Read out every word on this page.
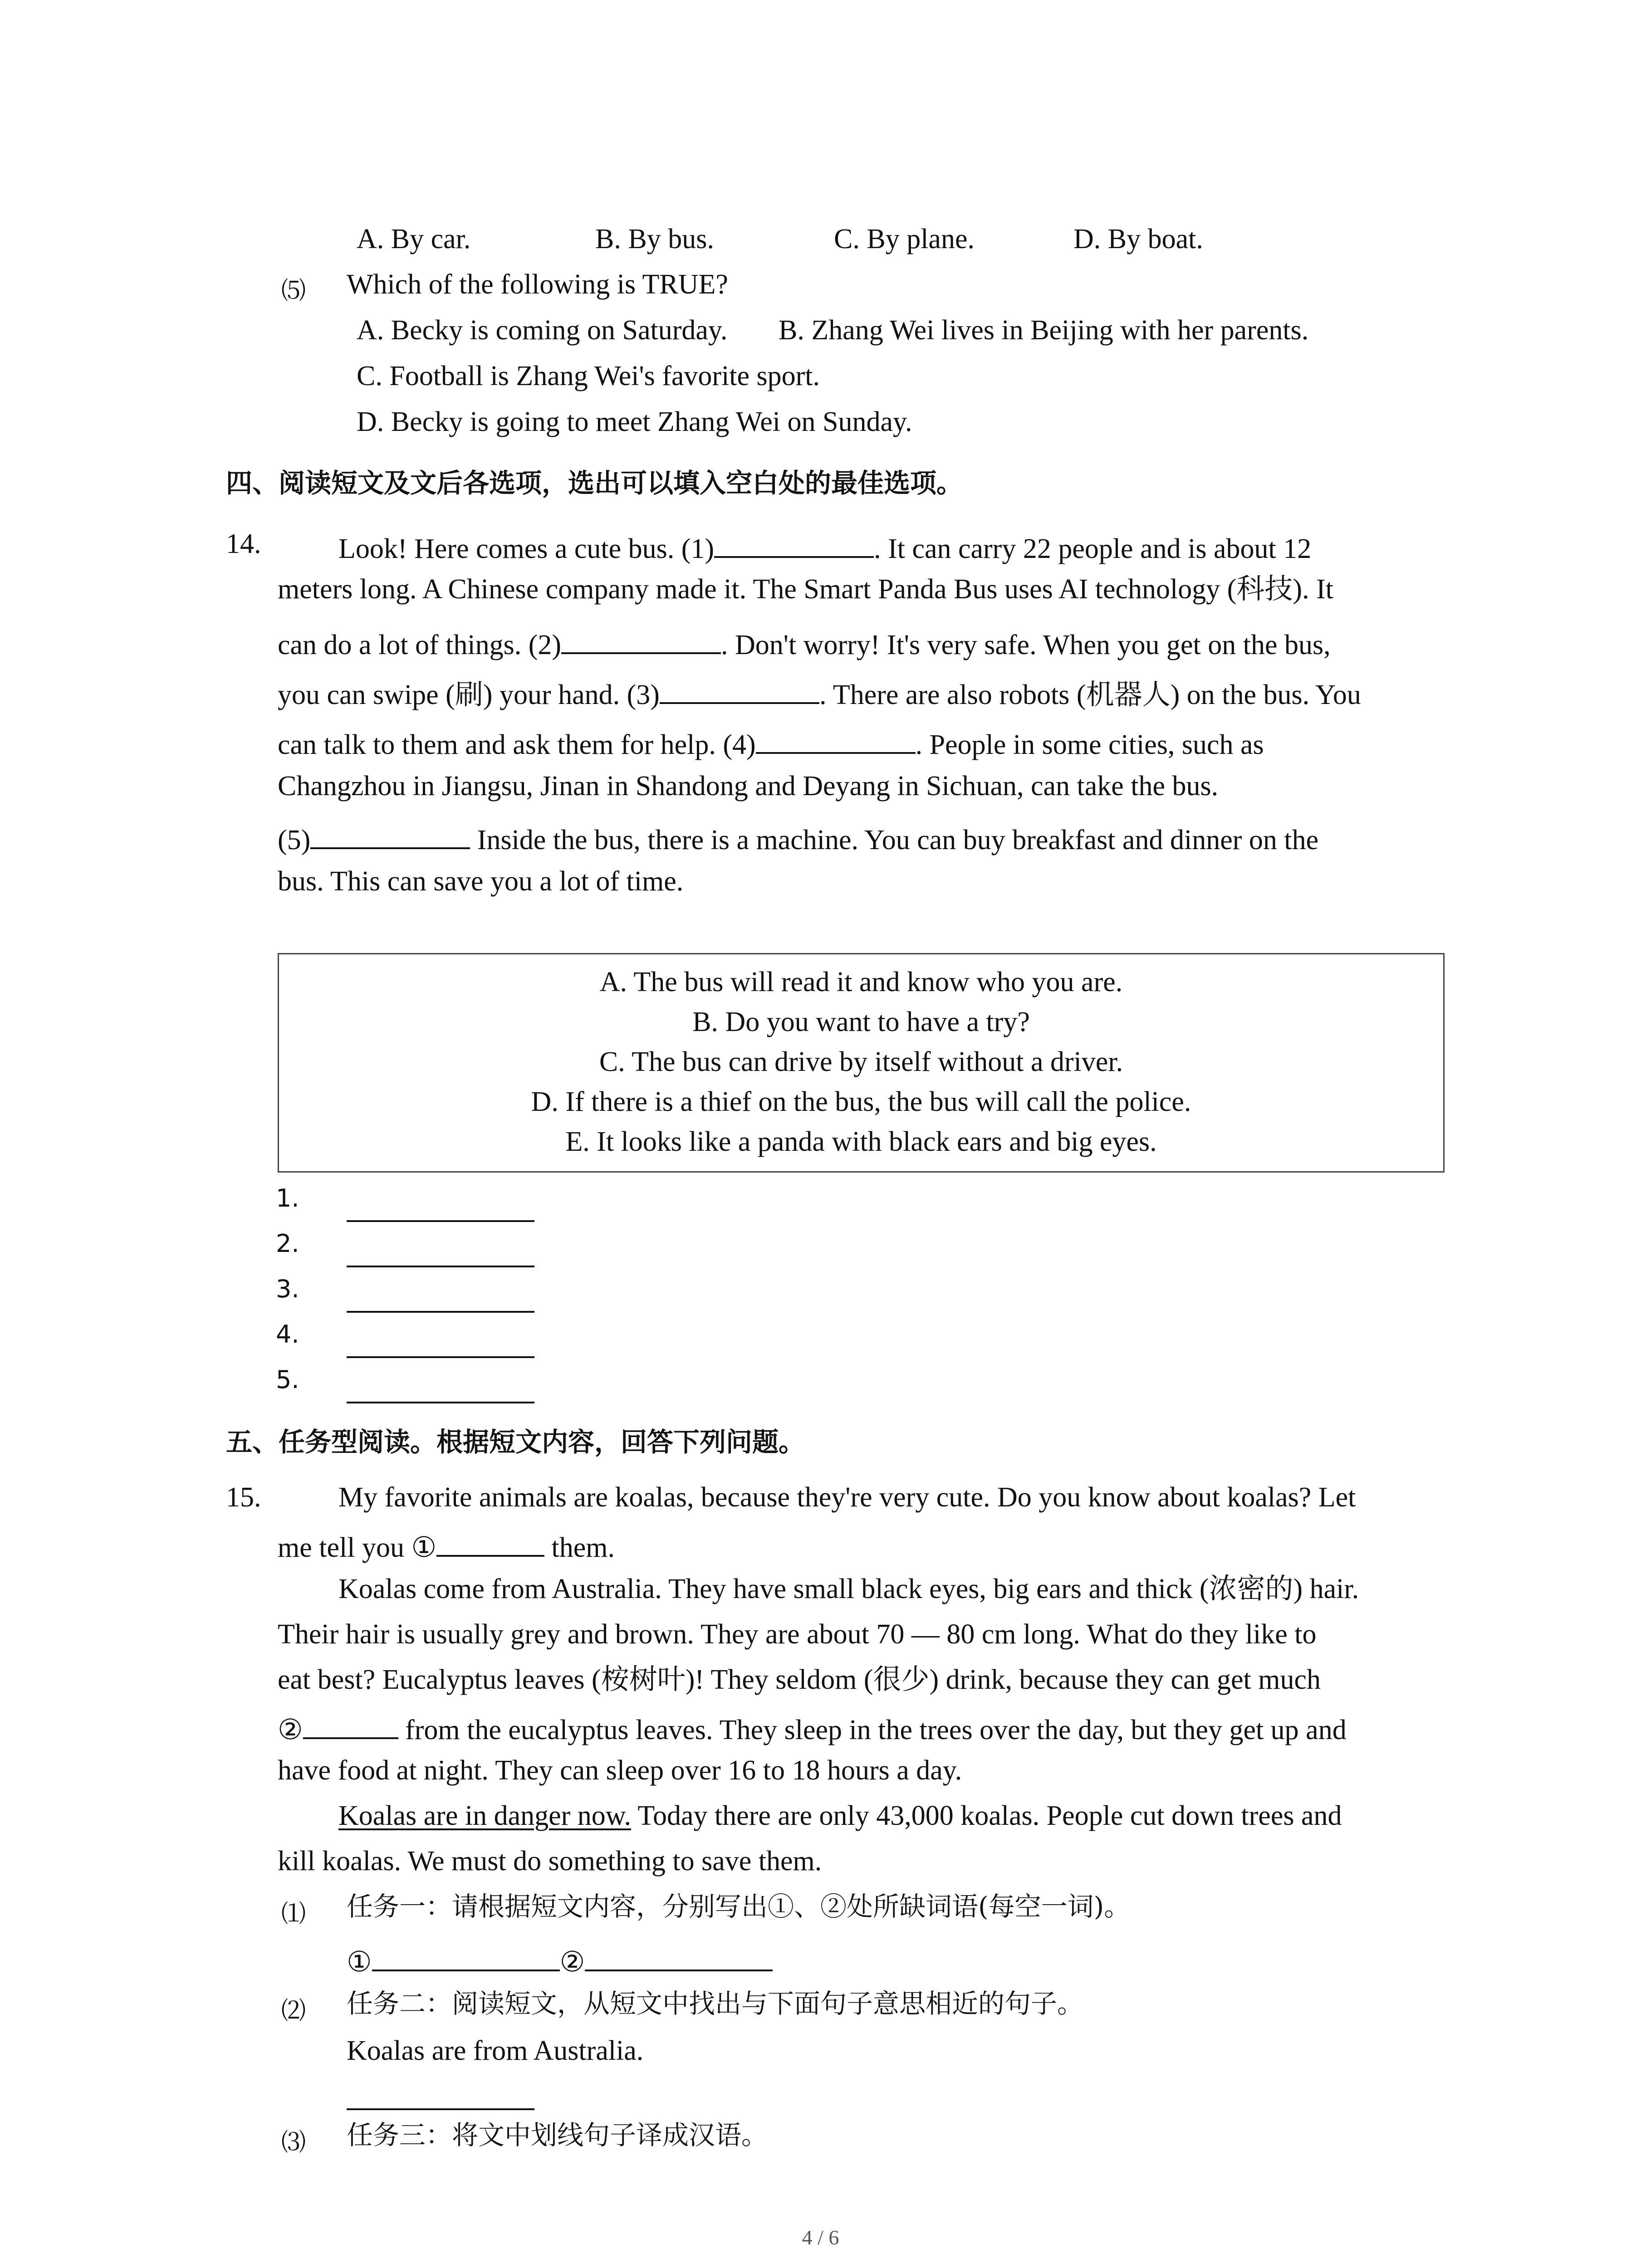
A. By car.	B. By bus.	C. By plane.	D. By boat.
⑸ Which of the following is TRUE?
A. Becky is coming on Saturday. B. Zhang Wei lives in Beijing with her parents.
C. Football is Zhang Wei's favorite sport.
D. Becky is going to meet Zhang Wei on Sunday.
四、阅读短文及文后各选项，选出可以填入空白处的最佳选项。
14.	Look! Here comes a cute bus. (1)	. It can carry 22 people and is about 12
meters long. A Chinese company made it. The Smart Panda Bus uses AI technology (科技). It
can do a lot of things. (2)	. Don't worry! It's very safe. When you get on the bus,
you can swipe (刷) your hand. (3)	. There are also robots (机器人) on the bus. You
can talk to them and ask them for help. (4)	. People in some cities, such as
Changzhou in Jiangsu, Jinan in Shandong and Deyang in Sichuan, can take the bus.
(5)	Inside the bus, there is a machine. You can buy breakfast and dinner on the
bus. This can save you a lot of time.
A. The bus will read it and know who you are.
B. Do you want to have a try?
C. The bus can drive by itself without a driver.
D. If there is a thief on the bus, the bus will call the police.
E. It looks like a panda with black ears and big eyes.
1.
2.
3.
4.
5.
五、任务型阅读。根据短文内容，回答下列问题。
15.	My favorite animals are koalas, because they're very cute. Do you know about koalas? Let
me tell you ①	them.
Koalas come from Australia. They have small black eyes, big ears and thick (浓密的) hair.
Their hair is usually grey and brown. They are about 70 — 80 cm long. What do they like to
eat best? Eucalyptus leaves (桉树叶)! They seldom (很少) drink, because they can get much
②	from the eucalyptus leaves. They sleep in the trees over the day, but they get up and
have food at night. They can sleep over 16 to 18 hours a day.
Koalas are in danger now. Today there are only 43,000 koalas. People cut down trees and
kill koalas. We must do something to save them.
⑴ 任务一：请根据短文内容，分别写出①、②处所缺词语(每空一词)。
①	②
⑵ 任务二：阅读短文，从短文中找出与下面句子意思相近的句子。
Koalas are from Australia.
⑶ 任务三：将文中划线句子译成汉语。
4 / 6
